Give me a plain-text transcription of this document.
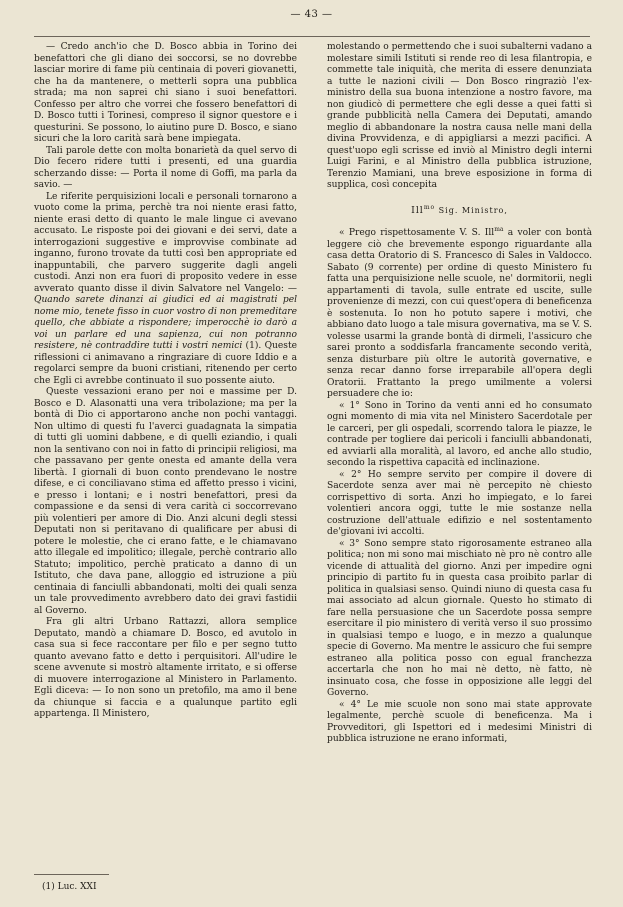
— 43 —

— Credo anch'io che D. Bosco abbia in Torino dei benefattori che gli diano dei soccorsi, se no dovrebbe lasciar morire di fame più centinaia di poveri giovanetti, che ha da mantenere, o metterli sopra una pubblica strada; ma non saprei chi siano i suoi benefattori. Confesso per altro che vorrei che fossero benefattori di D. Bosco tutti i Torinesi, compreso il signor questore e i questurini. Se possono, lo aiutino pure D. Bosco, e siano sicuri che la loro carità sarà bene impiegata.

Tali parole dette con molta bonarietà da quel servo di Dio fecero ridere tutti i presenti, ed una guardia scherzando disse: — Porta il nome di Goffi, ma parla da savio. —

Le riferite perquisizioni locali e personali tornarono a vuoto come la prima, perchè tra noi niente erasi fatto, niente erasi detto di quanto le male lingue ci avevano accusato. Le risposte poi dei giovani e dei servi, date a interrogazioni suggestive e improvvise combinate ad inganno, furono trovate da tutti così ben appropriate ed inappuntabili, che parvero suggerite dagli angeli custodi. Anzi non era fuori di proposito vedere in esse avverato quanto disse il divin Salvatore nel Vangelo: — Quando sarete dinanzi ai giudici ed ai magistrati pel nome mio, tenete fisso in cuor vostro di non premeditare quello, che abbiate a rispondere; imperocchè io darò a voi un parlare ed una sapienza, cui non potranno resistere, nè contraddire tutti i vostri nemici (1). Queste riflessioni ci animavano a ringraziare di cuore Iddio e a regolarci sempre da buoni cristiani, ritenendo per certo che Egli ci avrebbe continuato il suo possente aiuto.

Queste vessazioni erano per noi e massime per D. Bosco e D. Alasonatti una vera tribolazione; ma per la bontà di Dio ci apportarono anche non pochi vantaggi. Non ultimo di questi fu l'averci guadagnata la simpatia di tutti gli uomini dabbene, e di quelli eziandio, i quali non la sentivano con noi in fatto di principii religiosi, ma che passavano per gente onesta ed amante della vera libertà. I giornali di buon conto prendevano le nostre difese, e ci conciliavano stima ed affetto presso i vicini, e presso i lontani; e i nostri benefattori, presi da compassione e da sensi di vera carità ci soccorrevano più volentieri per amore di Dio. Anzi alcuni degli stessi Deputati non si peritavano di qualificare per abusi di potere le molestie, che ci erano fatte, e le chiamavano atto illegale ed impolitico; illegale, perchè contrario allo Statuto; impolitico, perchè praticato a danno di un Istituto, che dava pane, alloggio ed istruzione a più centinaia di fanciulli abbandonati, molti dei quali senza un tale provvedimento avrebbero dato dei gravi fastidii al Governo.

Fra gli altri Urbano Rattazzi, allora semplice Deputato, mandò a chiamare D. Bosco, ed avutolo in casa sua si fece raccontare per filo e per segno tutto quanto avevano fatto e detto i perquisitori. All'udire le scene avvenute si mostrò altamente irritato, e si offerse di muovere interrogazione al Ministero in Parlamento. Egli diceva: — Io non sono un pretofilo, ma amo il bene da chiunque si faccia e a qualunque partito egli appartenga. Il Ministero,

molestando o permettendo che i suoi subalterni vadano a molestare simili Istituti si rende reo di lesa filantropia, e commette tale iniquità, che merita di essere denunziata a tutte le nazioni civili — Don Bosco ringraziò l'ex-ministro della sua buona intenzione a nostro favore, ma non giudicò di permettere che egli desse a quei fatti sì grande pubblicità nella Camera dei Deputati, amando meglio di abbandonare la nostra causa nelle mani della divina Provvidenza, e di appigliarsi a mezzi pacifici. A quest'uopo egli scrisse ed inviò al Ministro degli interni Luigi Farini, e al Ministro della pubblica istruzione, Terenzio Mamiani, una breve esposizione in forma di supplica, così concepita

Ill$^{mo}$ Sig. Ministro,

« Prego rispettosamente V. S. Ill$^{ma}$ a voler con bontà leggere ciò che brevemente espongo riguardante alla casa detta Oratorio di S. Francesco di Sales in Valdocco. Sabato (9 corrente) per ordine di questo Ministero fu fatta una perquisizione nelle scuole, ne' dormitorii, negli appartamenti di tavola, sulle entrate ed uscite, sulle provenienze di mezzi, con cui quest'opera di beneficenza è sostenuta. Io non ho potuto sapere i motivi, che abbiano dato luogo a tale misura governativa, ma se V. S. volesse usarmi la grande bontà di dirmeli, l'assicuro che sarei pronto a soddisfarla francamente secondo verità, senza disturbare più oltre le autorità governative, e senza recar danno forse irreparabile all'opera degli Oratorii. Frattanto la prego umilmente a volersi persuadere che io:

« 1° Sono in Torino da venti anni ed ho consumato ogni momento di mia vita nel Ministero Sacerdotale per le carceri, per gli ospedali, scorrendo talora le piazze, le contrade per togliere dai pericoli i fanciulli abbandonati, ed avviarli alla moralità, al lavoro, ed anche allo studio, secondo la rispettiva capacità ed inclinazione.

« 2° Ho sempre servito per compire il dovere di Sacerdote senza aver mai nè percepito nè chiesto corrispettivo di sorta. Anzi ho impiegato, e lo farei volentieri ancora oggi, tutte le mie sostanze nella costruzione dell'attuale edifizio e nel sostentamento de'giovani ivi accolti.

« 3° Sono sempre stato rigorosamente estraneo alla politica; non mi sono mai mischiato nè pro nè contro alle vicende di attualità del giorno. Anzi per impedire ogni principio di partito fu in questa casa proibito parlar di politica in qualsiasi senso. Quindi niuno di questa casa fu mai associato ad alcun giornale. Questo ho stimato di fare nella persuasione che un Sacerdote possa sempre esercitare il pio ministero di verità verso il suo prossimo in qualsiasi tempo e luogo, e in mezzo a qualunque specie di Governo. Ma mentre le assicuro che fui sempre estraneo alla politica posso con egual franchezza accertarla che non ho mai nè detto, nè fatto, nè insinuato cosa, che fosse in opposizione alle leggi del Governo.

« 4° Le mie scuole non sono mai state approvate legalmente, perchè scuole di beneficenza. Ma i Provveditori, gli Ispettori ed i medesimi Ministri di pubblica istruzione ne erano informati,

(1) Luc. XXI
